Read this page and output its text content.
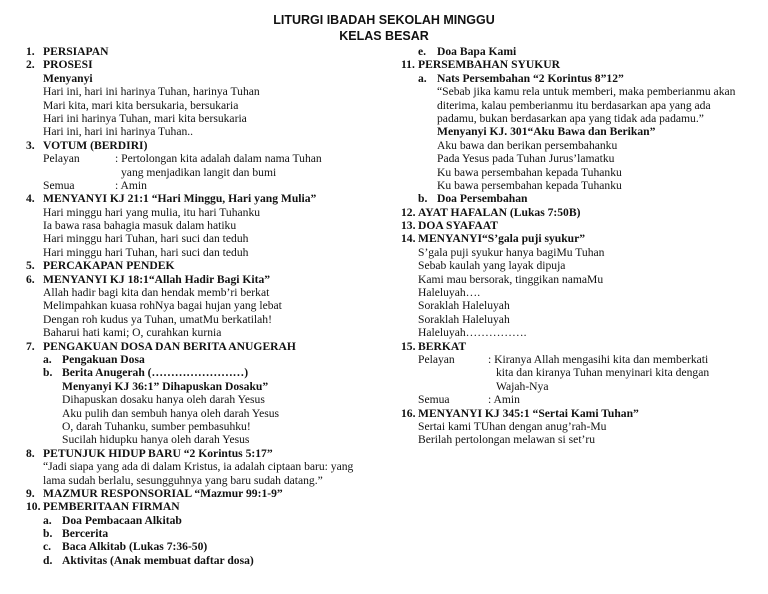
LITURGI IBADAH SEKOLAH MINGGU
KELAS BESAR
1. PERSIAPAN
2. PROSESI
Menyanyi
Hari ini, hari ini harinya Tuhan, harinya Tuhan
Mari kita, mari kita bersukaria, bersukaria
Hari ini harinya Tuhan, mari kita bersukaria
Hari ini, hari ini harinya Tuhan..
3. VOTUM (BERDIRI)
Pelayan	: Pertolongan kita adalah dalam nama Tuhan
yang menjadikan langit dan bumi
Semua	: Amin
4. MENYANYI KJ 21:1 “Hari Minggu, Hari yang Mulia”
Hari minggu hari yang mulia, itu hari Tuhanku
Ia bawa rasa bahagia masuk dalam hatiku
Hari minggu hari Tuhan, hari suci dan teduh
Hari minggu hari Tuhan, hari suci dan teduh
5. PERCAKAPAN PENDEK
6. MENYANYI KJ 18:1“Allah Hadir Bagi Kita”
Allah hadir bagi kita dan hendak memb’ri berkat
Melimpahkan kuasa rohNya bagai hujan yang lebat
Dengan roh kudus ya Tuhan, umatMu berkatilah!
Baharui hati kami; O, curahkan kurnia
7. PENGAKUAN DOSA DAN BERITA ANUGERAH
a. Pengakuan Dosa
b. Berita Anugerah (……………………)
Menyanyi KJ 36:1” Dihapuskan Dosaku”
Dihapuskan dosaku hanya oleh darah Yesus
Aku pulih dan sembuh hanya oleh darah Yesus
O, darah Tuhanku, sumber pembasuhku!
Sucilah hidupku hanya oleh darah Yesus
8. PETUNJUK HIDUP BARU “2 Korintus 5:17”
“Jadi siapa yang ada di dalam Kristus, ia adalah ciptaan baru: yang
lama sudah berlalu, sesungguhnya yang baru sudah datang.”
9. MAZMUR RESPONSORIAL “Mazmur 99:1-9”
10. PEMBERITAAN FIRMAN
a. Doa Pembacaan Alkitab
b. Bercerita
c. Baca Alkitab (Lukas 7:36-50)
d. Aktivitas (Anak membuat daftar dosa)
e. Doa Bapa Kami
11. PERSEMBAHAN SYUKUR
a. Nats Persembahan “2 Korintus 8”12”
“Sebab jika kamu rela untuk memberi, maka pemberianmu akan
diterima, kalau pemberianmu itu berdasarkan apa yang ada
padamu, bukan berdasarkan apa yang tidak ada padamu.”
Menyanyi KJ. 301“Aku Bawa dan Berikan”
Aku bawa dan berikan persembahanku
Pada Yesus pada Tuhan Jurus’lamatku
Ku bawa persembahan kepada Tuhanku
Ku bawa persembahan kepada Tuhanku
b. Doa Persembahan
12. AYAT HAFALAN (Lukas 7:50B)
13. DOA SYAFAAT
14. MENYANYI“S’gala puji syukur”
S’gala puji syukur hanya bagiMu Tuhan
Sebab kaulah yang layak dipuja
Kami mau bersorak, tinggikan namaMu
Haleluyah….
Soraklah Haleluyah
Soraklah Haleluyah
Haleluyah…………….
15. BERKAT
Pelayan	: Kiranya Allah mengasihi kita dan memberkati
kita dan kiranya Tuhan menyinari kita dengan
Wajah-Nya
Semua	: Amin
16. MENYANYI KJ 345:1 “Sertai Kami Tuhan”
Sertai kami TUhan dengan anug’rah-Mu
Berilah pertolongan melawan si set’ru
